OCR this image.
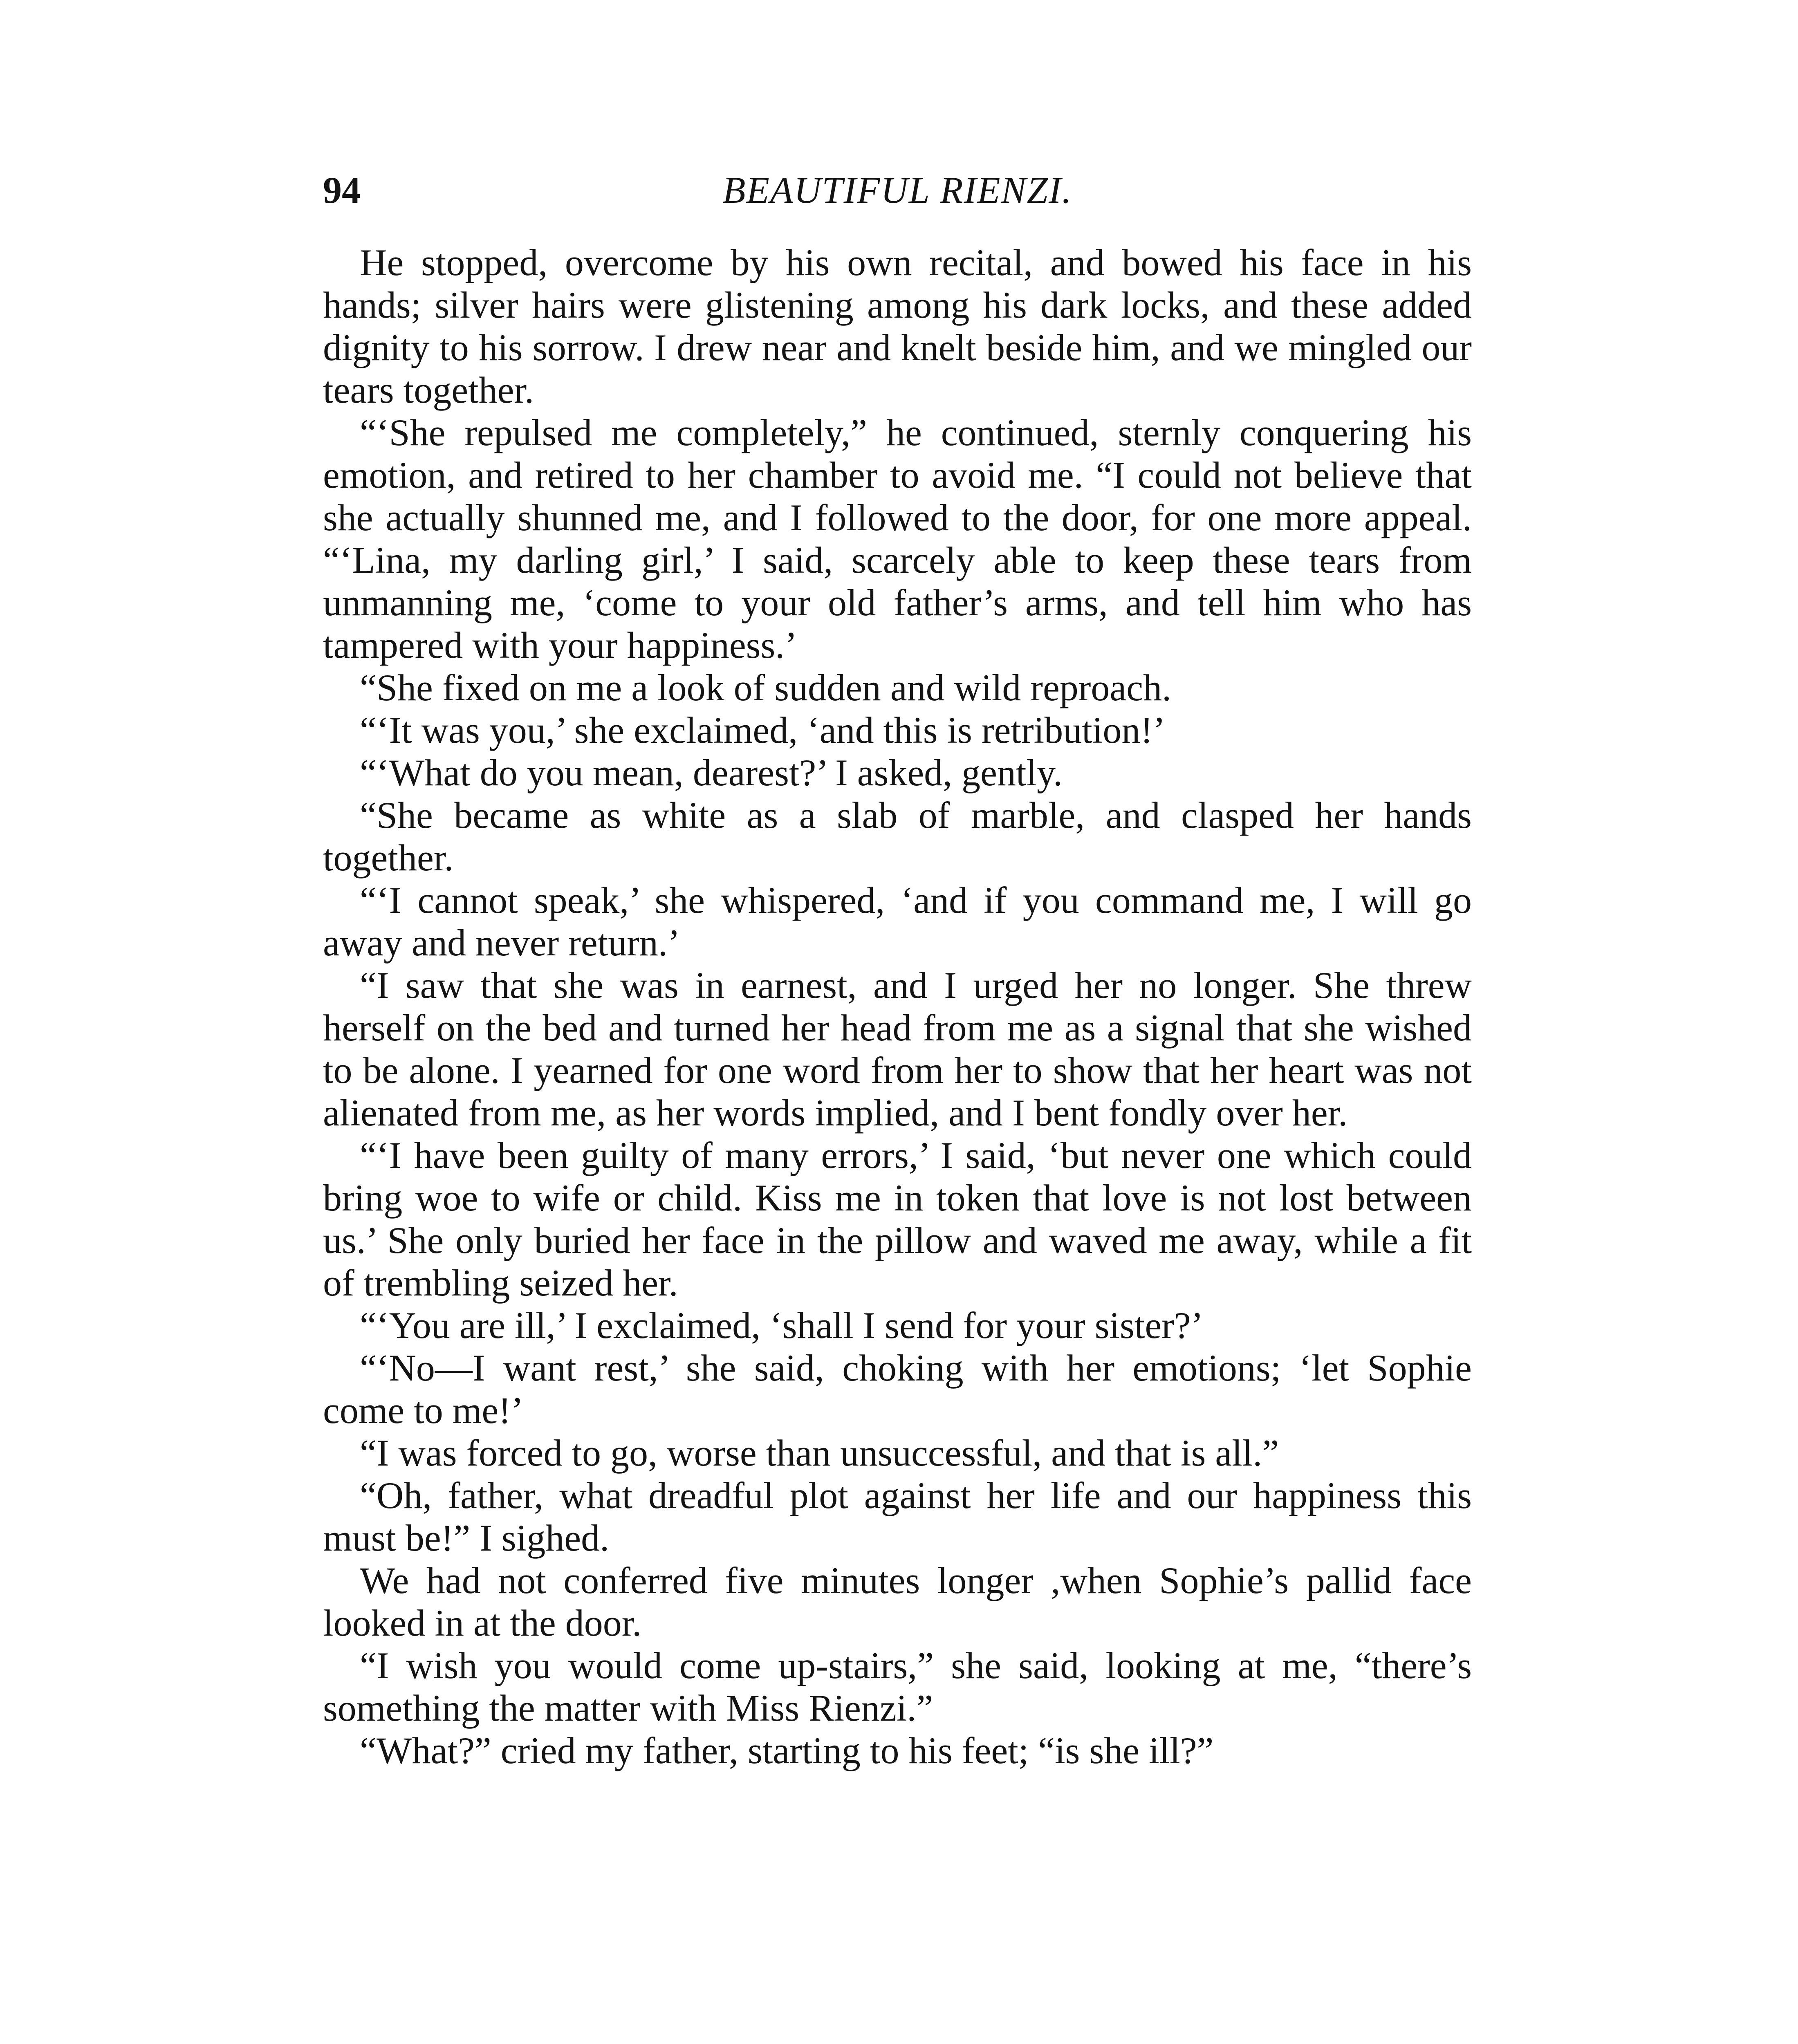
94	BEAUTIFUL RIENZI.

He stopped, overcome by his own recital, and bowed his face in his hands; silver hairs were glistening among his dark locks, and these added dignity to his sorrow. I drew near and knelt beside him, and we mingled our tears together.

“‘She repulsed me completely,” he continued, sternly conquering his emotion, and retired to her chamber to avoid me. “I could not believe that she actually shunned me, and I followed to the door, for one more appeal. “‘Lina, my darling girl,’ I said, scarcely able to keep these tears from unmanning me, ‘come to your old father’s arms, and tell him who has tampered with your happiness.’

“She fixed on me a look of sudden and wild reproach.

“‘It was you,’ she exclaimed, ‘and this is retribution!’

“‘What do you mean, dearest?’ I asked, gently.

“She became as white as a slab of marble, and clasped her hands together.

“‘I cannot speak,’ she whispered, ‘and if you command me, I will go away and never return.’

“I saw that she was in earnest, and I urged her no longer. She threw herself on the bed and turned her head from me as a signal that she wished to be alone. I yearned for one word from her to show that her heart was not alienated from me, as her words implied, and I bent fondly over her.

“‘I have been guilty of many errors,’ I said, ‘but never one which could bring woe to wife or child. Kiss me in token that love is not lost between us.’ She only buried her face in the pillow and waved me away, while a fit of trembling seized her.

“‘You are ill,’ I exclaimed, ‘shall I send for your sister?’

“‘No—I want rest,’ she said, choking with her emotions; ‘let Sophie come to me!’

“I was forced to go, worse than unsuccessful, and that is all.”

“Oh, father, what dreadful plot against her life and our happiness this must be!” I sighed.

We had not conferred five minutes longer ,when Sophie’s pallid face looked in at the door.

“I wish you would come up-stairs,” she said, looking at me, “there’s something the matter with Miss Rienzi.”

“What?” cried my father, starting to his feet; “is she ill?”
